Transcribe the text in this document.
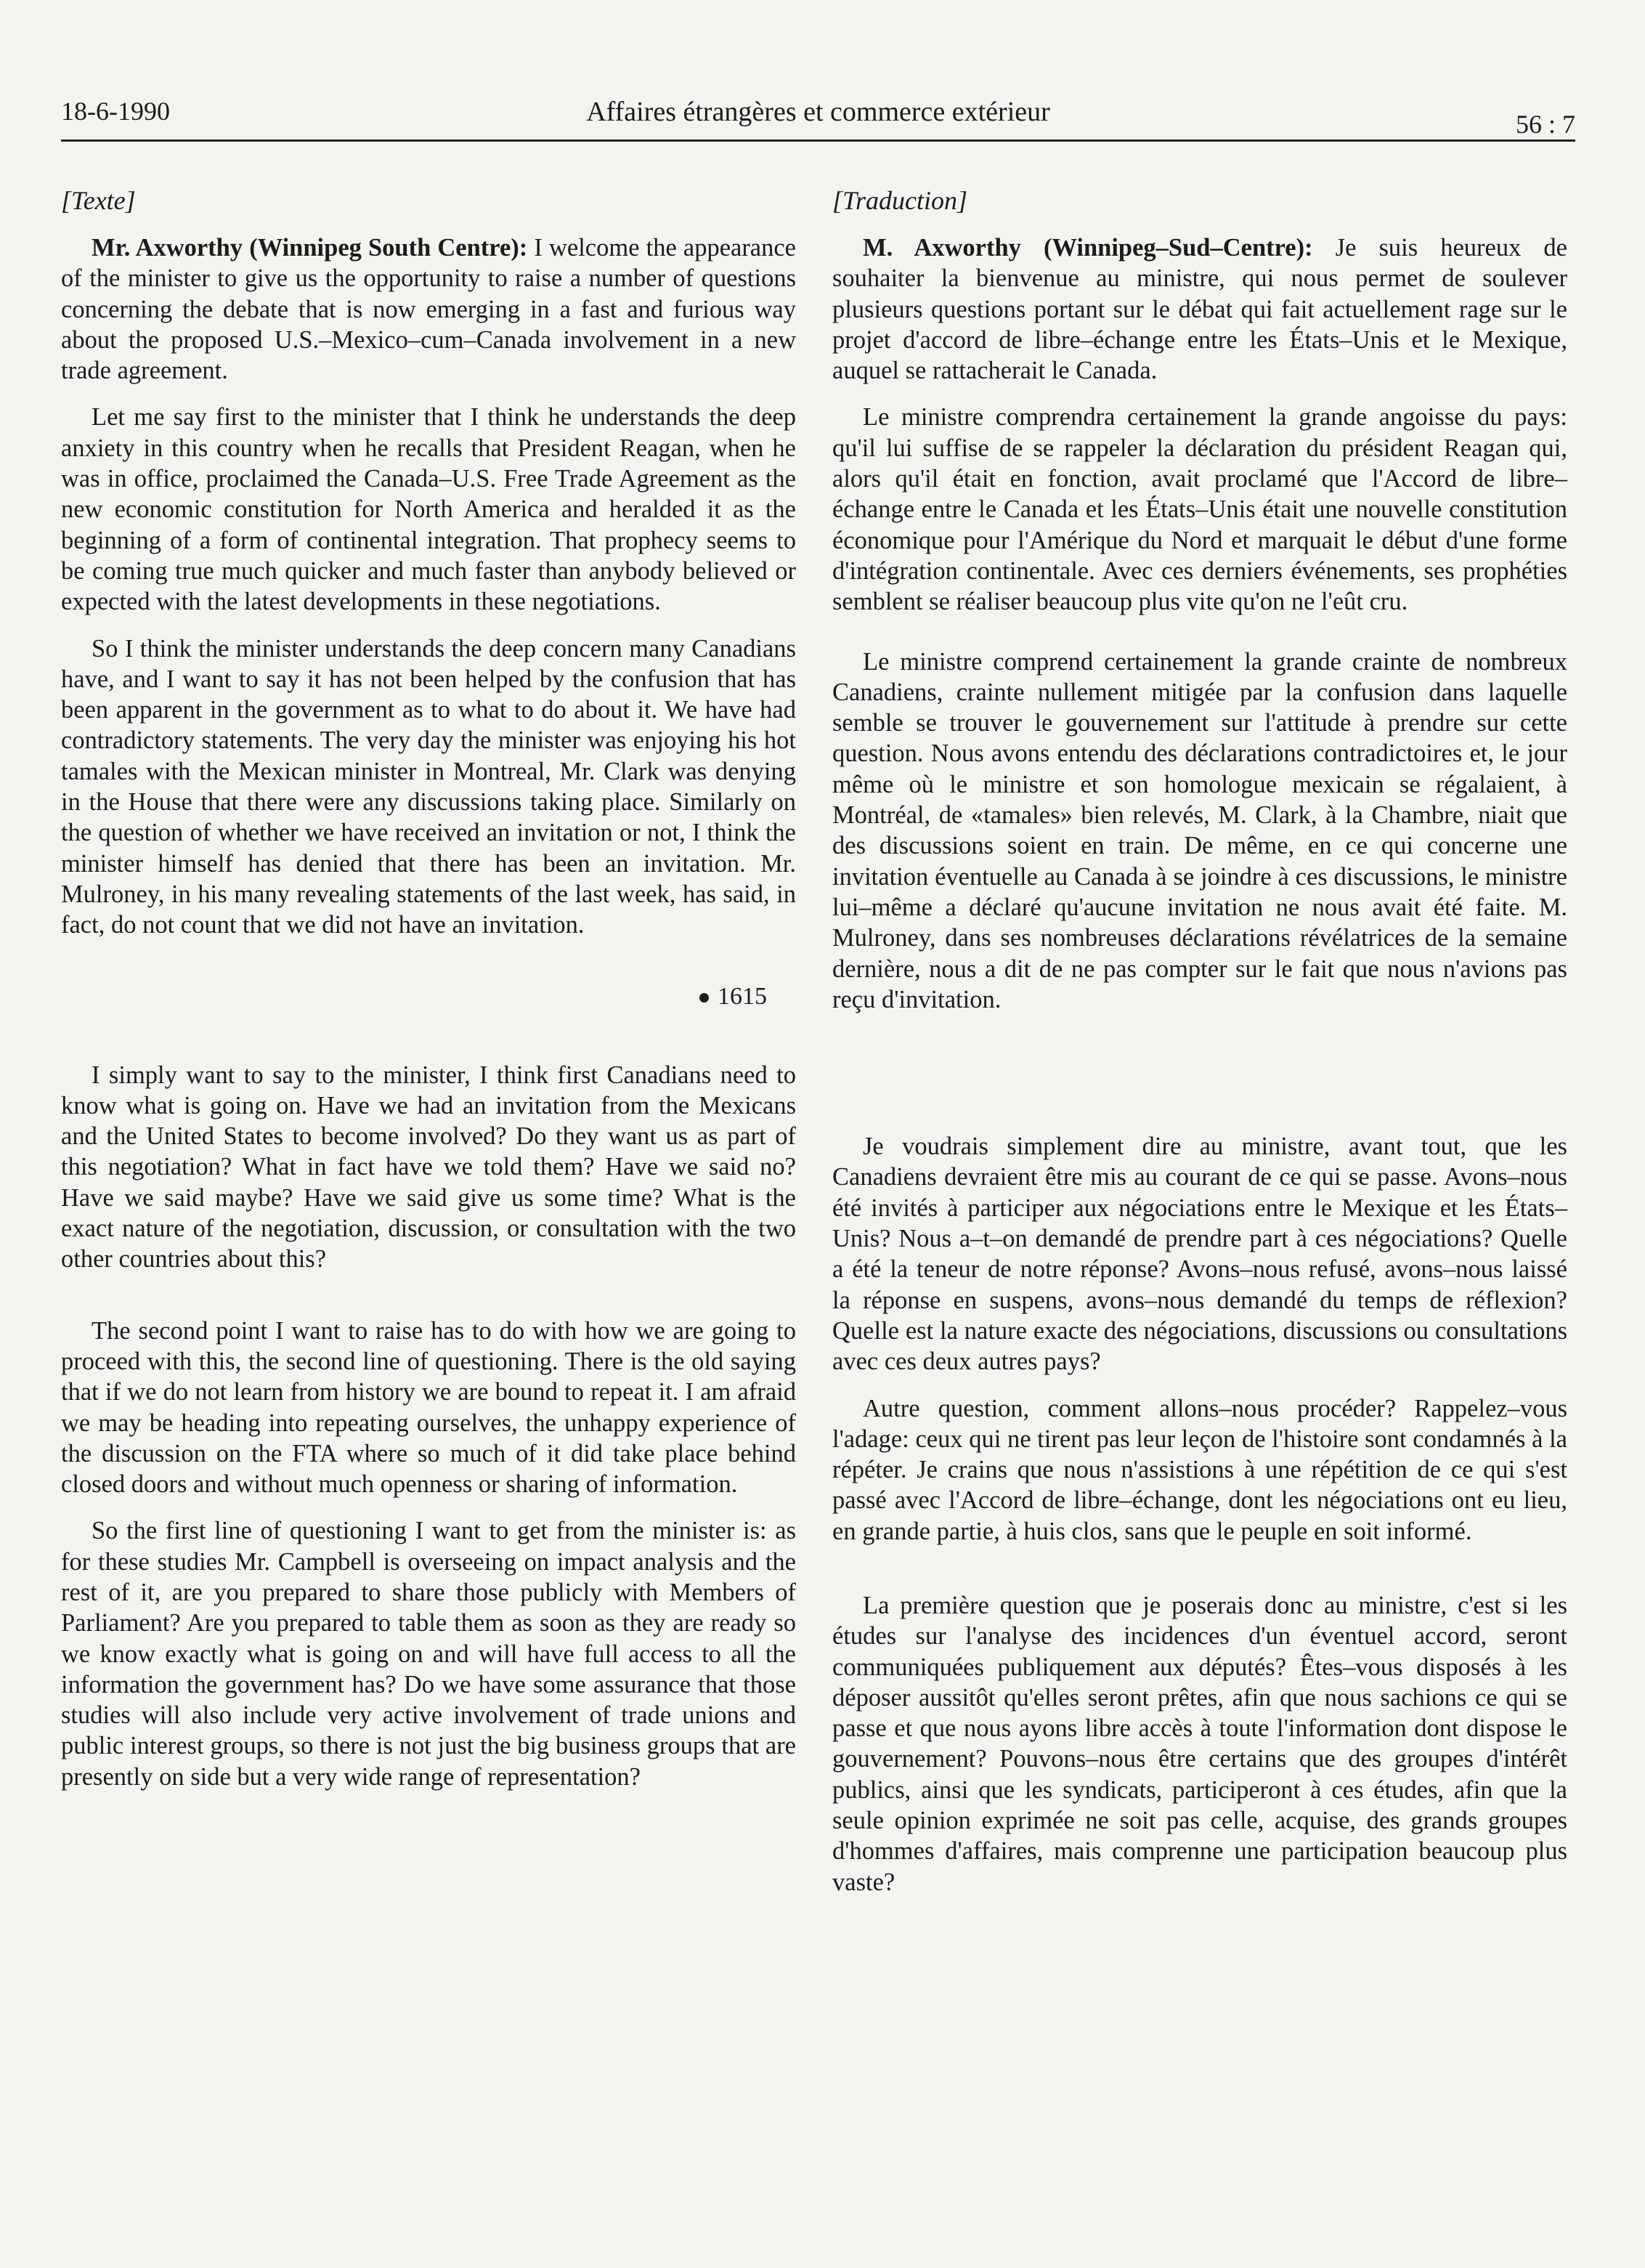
18-6-1990	Affaires étrangères et commerce extérieur	56 : 7

[Texte]

Mr. Axworthy (Winnipeg South Centre): I welcome the appearance of the minister to give us the opportunity to raise a number of questions concerning the debate that is now emerging in a fast and furious way about the proposed U.S.–Mexico–cum–Canada involvement in a new trade agreement.

Let me say first to the minister that I think he understands the deep anxiety in this country when he recalls that President Reagan, when he was in office, proclaimed the Canada–U.S. Free Trade Agreement as the new economic constitution for North America and heralded it as the beginning of a form of continental integration. That prophecy seems to be coming true much quicker and much faster than anybody believed or expected with the latest developments in these negotiations.

So I think the minister understands the deep concern many Canadians have, and I want to say it has not been helped by the confusion that has been apparent in the government as to what to do about it. We have had contradictory statements. The very day the minister was enjoying his hot tamales with the Mexican minister in Montreal, Mr. Clark was denying in the House that there were any discussions taking place. Similarly on the question of whether we have received an invitation or not, I think the minister himself has denied that there has been an invitation. Mr. Mulroney, in his many revealing statements of the last week, has said, in fact, do not count that we did not have an invitation.

1615

I simply want to say to the minister, I think first Canadians need to know what is going on. Have we had an invitation from the Mexicans and the United States to become involved? Do they want us as part of this negotiation? What in fact have we told them? Have we said no? Have we said maybe? Have we said give us some time? What is the exact nature of the negotiation, discussion, or consultation with the two other countries about this?

The second point I want to raise has to do with how we are going to proceed with this, the second line of questioning. There is the old saying that if we do not learn from history we are bound to repeat it. I am afraid we may be heading into repeating ourselves, the unhappy experience of the discussion on the FTA where so much of it did take place behind closed doors and without much openness or sharing of information.

So the first line of questioning I want to get from the minister is: as for these studies Mr. Campbell is overseeing on impact analysis and the rest of it, are you prepared to share those publicly with Members of Parliament? Are you prepared to table them as soon as they are ready so we know exactly what is going on and will have full access to all the information the government has? Do we have some assurance that those studies will also include very active involvement of trade unions and public interest groups, so there is not just the big business groups that are presently on side but a very wide range of representation?

[Traduction]

M. Axworthy (Winnipeg–Sud–Centre): Je suis heureux de souhaiter la bienvenue au ministre, qui nous permet de soulever plusieurs questions portant sur le débat qui fait actuellement rage sur le projet d'accord de libre–échange entre les États–Unis et le Mexique, auquel se rattacherait le Canada.

Le ministre comprendra certainement la grande angoisse du pays: qu'il lui suffise de se rappeler la déclaration du président Reagan qui, alors qu'il était en fonction, avait proclamé que l'Accord de libre–échange entre le Canada et les États–Unis était une nouvelle constitution économique pour l'Amérique du Nord et marquait le début d'une forme d'intégration continentale. Avec ces derniers événements, ses prophéties semblent se réaliser beaucoup plus vite qu'on ne l'eût cru.

Le ministre comprend certainement la grande crainte de nombreux Canadiens, crainte nullement mitigée par la confusion dans laquelle semble se trouver le gouvernement sur l'attitude à prendre sur cette question. Nous avons entendu des déclarations contradictoires et, le jour même où le ministre et son homologue mexicain se régalaient, à Montréal, de «tamales» bien relevés, M. Clark, à la Chambre, niait que des discussions soient en train. De même, en ce qui concerne une invitation éventuelle au Canada à se joindre à ces discussions, le ministre lui–même a déclaré qu'aucune invitation ne nous avait été faite. M. Mulroney, dans ses nombreuses déclarations révélatrices de la semaine dernière, nous a dit de ne pas compter sur le fait que nous n'avions pas reçu d'invitation.

Je voudrais simplement dire au ministre, avant tout, que les Canadiens devraient être mis au courant de ce qui se passe. Avons–nous été invités à participer aux négociations entre le Mexique et les États–Unis? Nous a–t–on demandé de prendre part à ces négociations? Quelle a été la teneur de notre réponse? Avons–nous refusé, avons–nous laissé la réponse en suspens, avons–nous demandé du temps de réflexion? Quelle est la nature exacte des négociations, discussions ou consultations avec ces deux autres pays?

Autre question, comment allons–nous procéder? Rappelez–vous l'adage: ceux qui ne tirent pas leur leçon de l'histoire sont condamnés à la répéter. Je crains que nous n'assistions à une répétition de ce qui s'est passé avec l'Accord de libre–échange, dont les négociations ont eu lieu, en grande partie, à huis clos, sans que le peuple en soit informé.

La première question que je poserais donc au ministre, c'est si les études sur l'analyse des incidences d'un éventuel accord, seront communiquées publiquement aux députés? Êtes–vous disposés à les déposer aussitôt qu'elles seront prêtes, afin que nous sachions ce qui se passe et que nous ayons libre accès à toute l'information dont dispose le gouvernement? Pouvons–nous être certains que des groupes d'intérêt publics, ainsi que les syndicats, participeront à ces études, afin que la seule opinion exprimée ne soit pas celle, acquise, des grands groupes d'hommes d'affaires, mais comprenne une participation beaucoup plus vaste?
